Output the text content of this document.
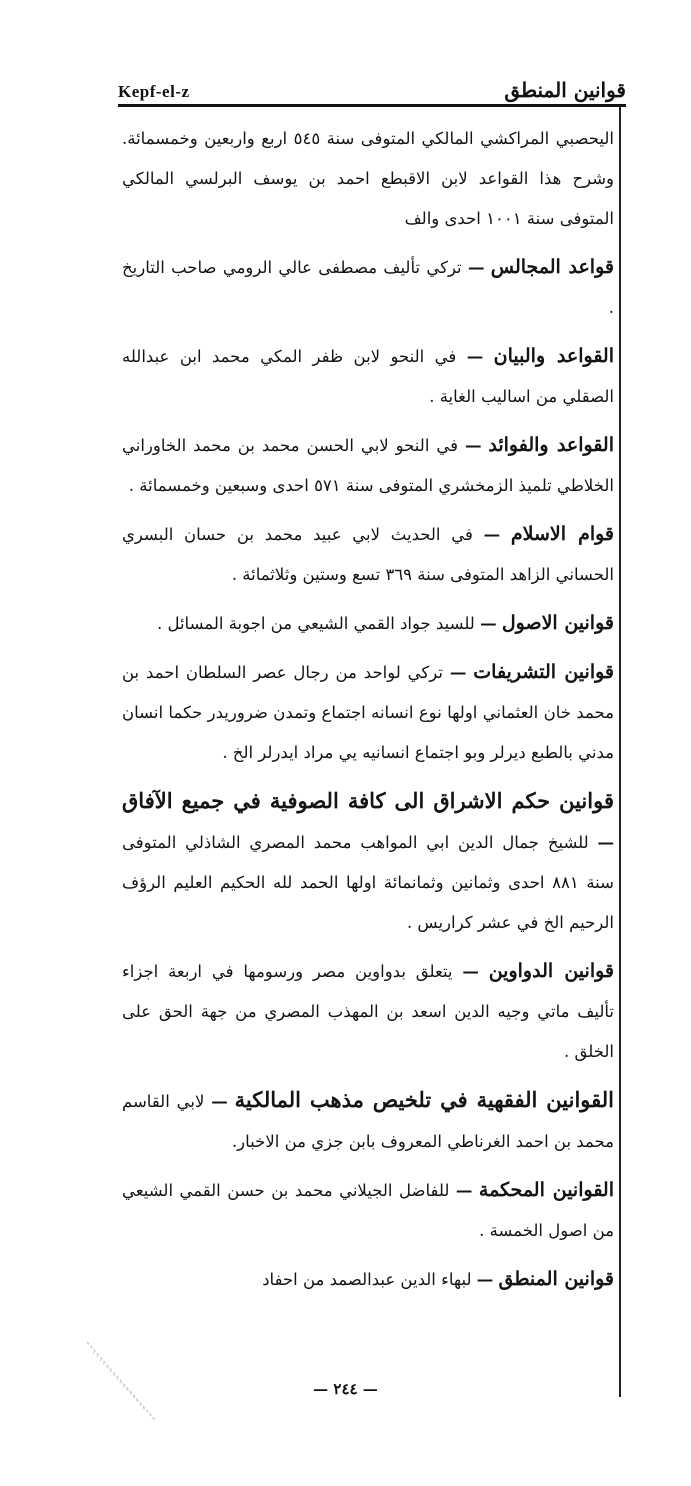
Kepf-el-z	قوانين المنطق

اليحصبي المراكشي المالكي المتوفى سنة ٥٤٥ اربع واربعين وخمسمائة. وشرح هذا القواعد لابن الاقبطع احمد بن يوسف البرلسي المالكي المتوفى سنة ١٠٠١ احدى والف

قواعد المجالس — تركي تأليف مصطفى عالي الرومي صاحب التاريخ .

القواعد والبيان — في النحو لابن ظفر المكي محمد ابن عبدالله الصقلي من اساليب الغاية .

القواعد والفوائد — في النحو لابي الحسن محمد بن محمد الخاوراني الخلاطي تلميذ الزمخشري المتوفى سنة ٥٧١ احدى وسبعين وخمسمائة .

قوام الاسلام — في الحديث لابي عبيد محمد بن حسان البسري الحساني الزاهد المتوفى سنة ٣٦٩ تسع وستين وثلاثمائة .

قوانين الاصول — للسيد جواد القمي الشيعي من اجوبة المسائل .

قوانين التشريفات — تركي لواحد من رجال عصر السلطان احمد بن محمد خان العثماني اولها نوع انسانه اجتماع وتمدن ضروريدر حكما انسان مدني بالطبع ديرلر وبو اجتماع انسانيه يي مراد ايدرلر الخ .

قوانين حكم الاشراق الى كافة الصوفية في جميع الآفاق — للشيخ جمال الدين ابي المواهب محمد المصري الشاذلي المتوفى سنة ٨٨١ احدى وثمانين وثمانمائة اولها الحمد لله الحكيم العليم الرؤف الرحيم الخ في عشر كراريس .

قوانين الدواوين — يتعلق بدواوين مصر ورسومها في اربعة اجزاء تأليف ماتي وجيه الدين اسعد بن المهذب المصري من جهة الحق على الخلق .

القوانين الفقهية في تلخيص مذهب المالكية — لابي القاسم محمد بن احمد الغرناطي المعروف بابن جزي من الاخبار.

القوانين المحكمة — للفاضل الجيلاني محمد بن حسن القمي الشيعي من اصول الخمسة .

قوانين المنطق — لبهاء الدين عبدالصمد من احفاد

— ٢٤٤ —
